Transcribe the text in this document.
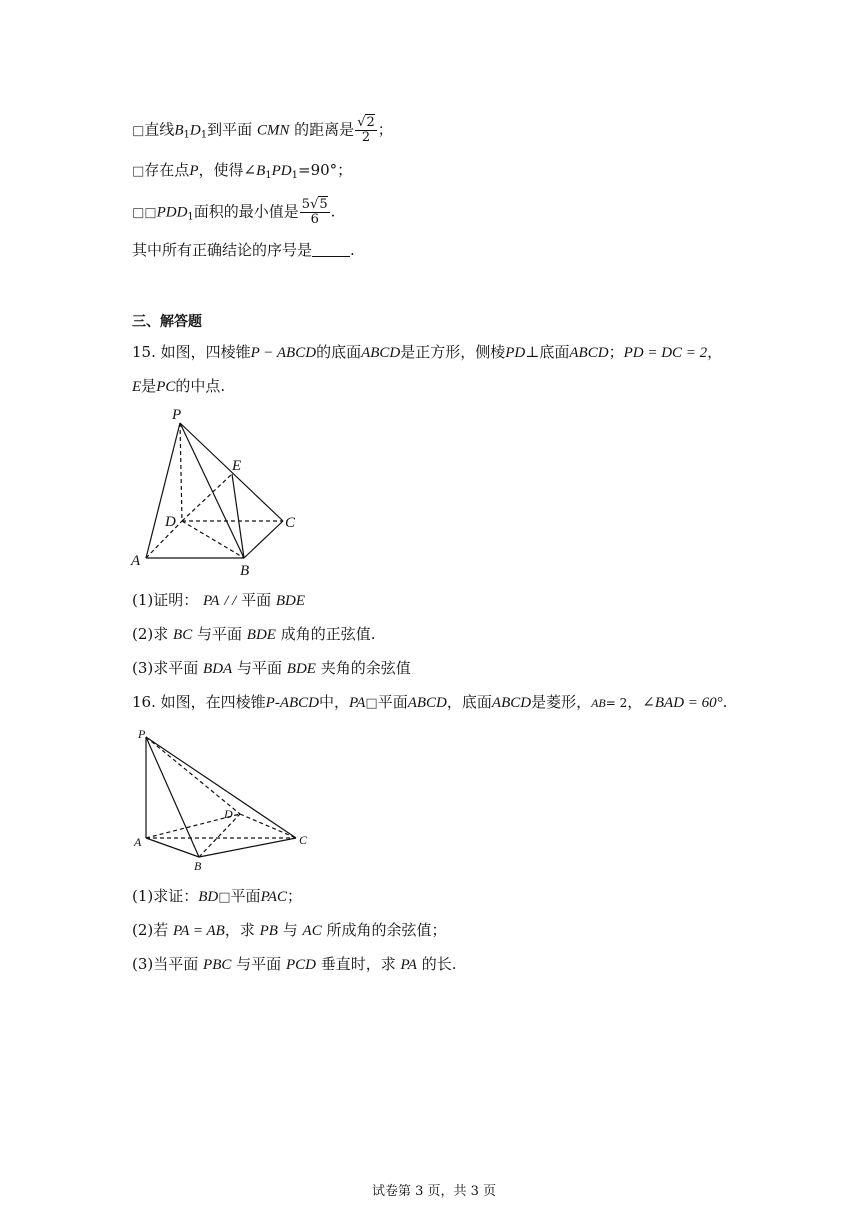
□直线$B_1D_1$到平面 CMN 的距离是 $\frac{√2}{2}$ ；
□存在点P，使得$\angle B_1PD_1=90^\circ$；
$□□PDD_1$面积的最小值是 $\frac{5√5}{6}$ .
其中所有正确结论的序号是	.
三、解答题
15. 如图，四棱锥P − ABCD的底面ABCD是正方形，侧棱PD⊥底面ABCD；PD = DC = 2，
E是PC的中点.
P
E
D	C
A
B
(1)证明： PA / / 平面 BDE
(2)求 BC 与平面 BDE 成角的正弦值.
(3)求平面 BDA 与平面 BDE 夹角的余弦值
16. 如图，在四棱锥P-ABCD中，PA□平面ABCD，底面ABCD是菱形，AB= 2，∠BAD = 60°.
P
D
A	C
B
(1)求证：BD□平面PAC；
(2)若 PA = AB，求 PB 与 AC 所成角的余弦值；
(3)当平面 PBC 与平面 PCD 垂直时，求 PA 的长.
试卷第 3 页，共 3 页
